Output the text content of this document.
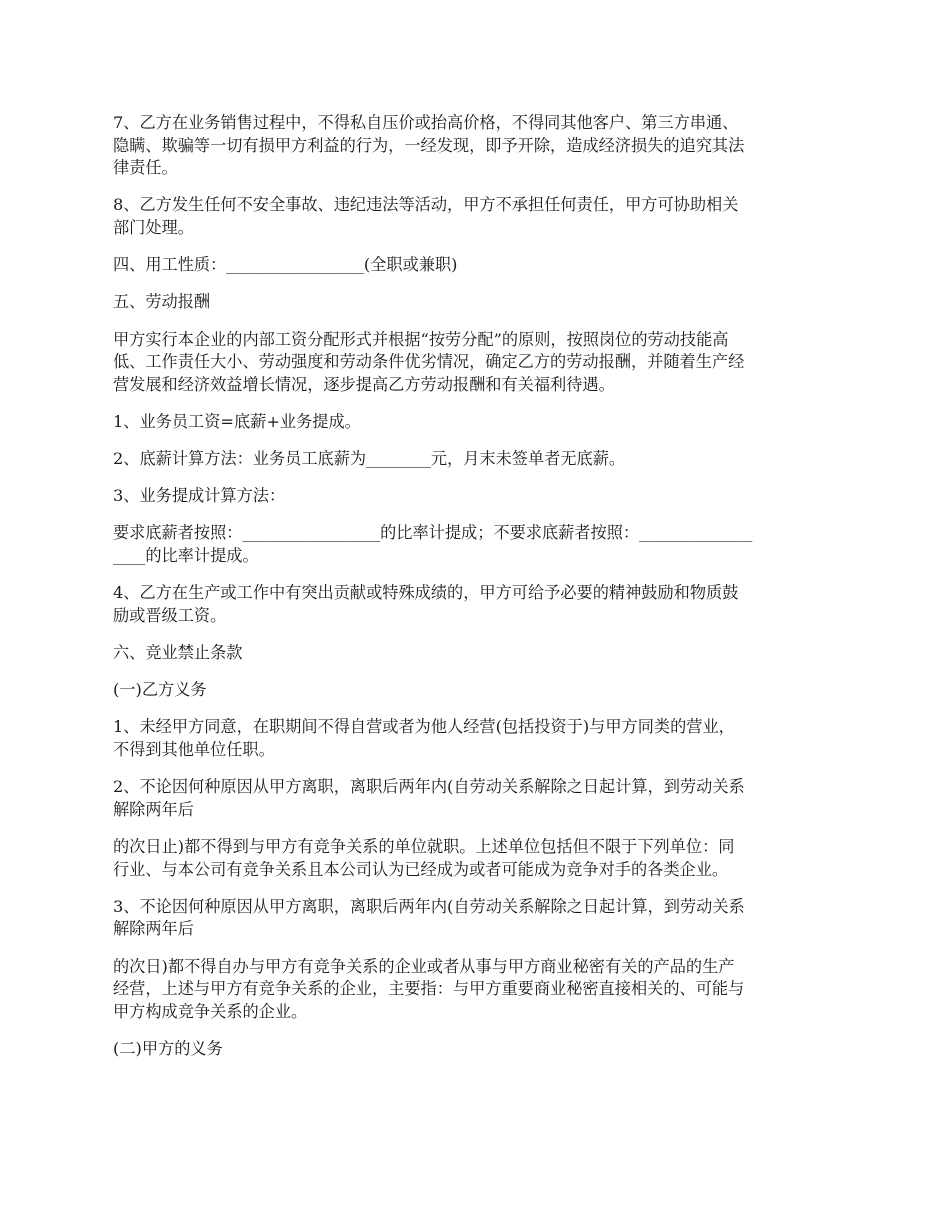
7、乙方在业务销售过程中，不得私自压价或抬高价格，不得同其他客户、第三方串通、
隐瞒、欺骗等一切有损甲方利益的行为，一经发现，即予开除，造成经济损失的追究其法
律责任。

8、乙方发生任何不安全事故、违纪违法等活动，甲方不承担任何责任，甲方可协助相关
部门处理。

四、用工性质：_________________(全职或兼职)

五、劳动报酬

甲方实行本企业的内部工资分配形式并根据“按劳分配”的原则，按照岗位的劳动技能高
低、工作责任大小、劳动强度和劳动条件优劣情况，确定乙方的劳动报酬，并随着生产经
营发展和经济效益增长情况，逐步提高乙方劳动报酬和有关福利待遇。

1、业务员工资=底薪+业务提成。

2、底薪计算方法：业务员工底薪为________元，月末未签单者无底薪。

3、业务提成计算方法：

要求底薪者按照：_________________的比率计提成；不要求底薪者按照：______________
____的比率计提成。

4、乙方在生产或工作中有突出贡献或特殊成绩的，甲方可给予必要的精神鼓励和物质鼓
励或晋级工资。

六、竞业禁止条款

(一)乙方义务

1、未经甲方同意，在职期间不得自营或者为他人经营(包括投资于)与甲方同类的营业，
不得到其他单位任职。

2、不论因何种原因从甲方离职，离职后两年内(自劳动关系解除之日起计算，到劳动关系
解除两年后

的次日止)都不得到与甲方有竞争关系的单位就职。上述单位包括但不限于下列单位：同
行业、与本公司有竞争关系且本公司认为已经成为或者可能成为竞争对手的各类企业。

3、不论因何种原因从甲方离职，离职后两年内(自劳动关系解除之日起计算，到劳动关系
解除两年后

的次日)都不得自办与甲方有竞争关系的企业或者从事与甲方商业秘密有关的产品的生产
经营，上述与甲方有竞争关系的企业，主要指：与甲方重要商业秘密直接相关的、可能与
甲方构成竞争关系的企业。

(二)甲方的义务
